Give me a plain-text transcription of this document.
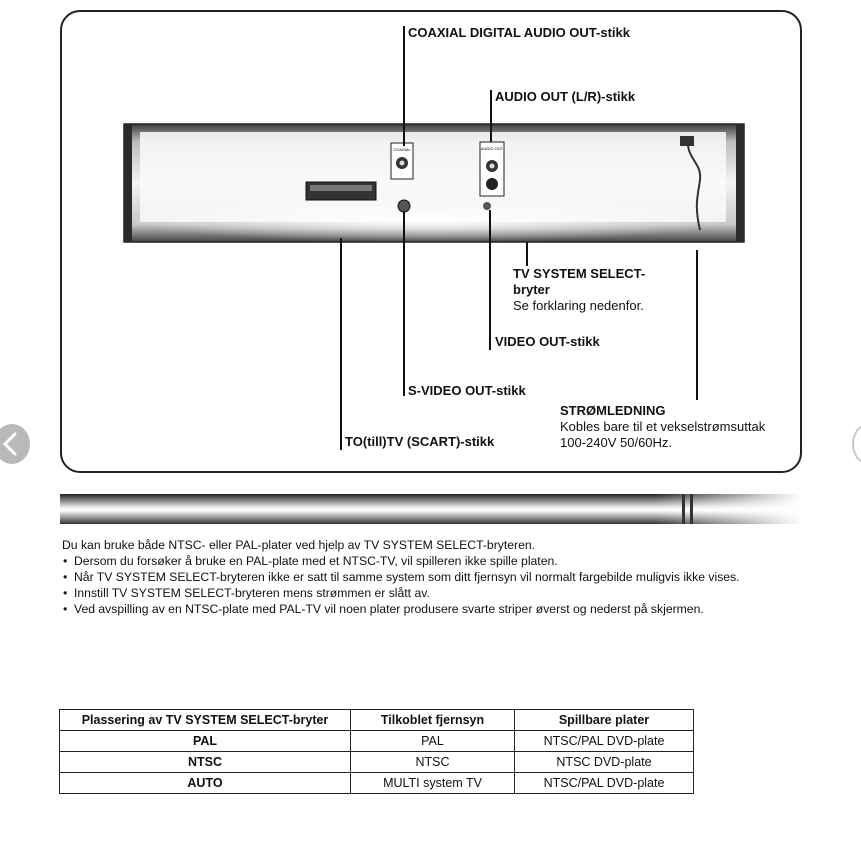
COAXIAL	AUDIO OUT
COAXIAL DIGITAL AUDIO OUT-stikk
AUDIO OUT (L/R)-stikk
TV SYSTEM SELECT-
bryter
Se forklaring nedenfor.
VIDEO OUT-stikk
S-VIDEO OUT-stikk
STRØMLEDNING
Kobles bare til et vekselstrømsuttak
100-240V 50/60Hz.
TO(till)TV (SCART)-stikk

Du kan bruke både NTSC- eller PAL-plater ved hjelp av TV SYSTEM SELECT-bryteren.

• Dersom du forsøker å bruke en PAL-plate med et NTSC-TV, vil spilleren ikke spille platen.
• Når TV SYSTEM SELECT-bryteren ikke er satt til samme system som ditt fjernsyn vil normalt fargebilde muligvis ikke vises.
• Innstill TV SYSTEM SELECT-bryteren mens strømmen er slått av.
• Ved avspilling av en NTSC-plate med PAL-TV vil noen plater produsere svarte striper øverst og nederst på skjermen.
Plassering av TV SYSTEM SELECT-bryter	Tilkoblet fjernsyn	Spillbare plater
PAL	PAL	NTSC/PAL DVD-plate
NTSC	NTSC	NTSC DVD-plate
AUTO	MULTI system TV	NTSC/PAL DVD-plate
